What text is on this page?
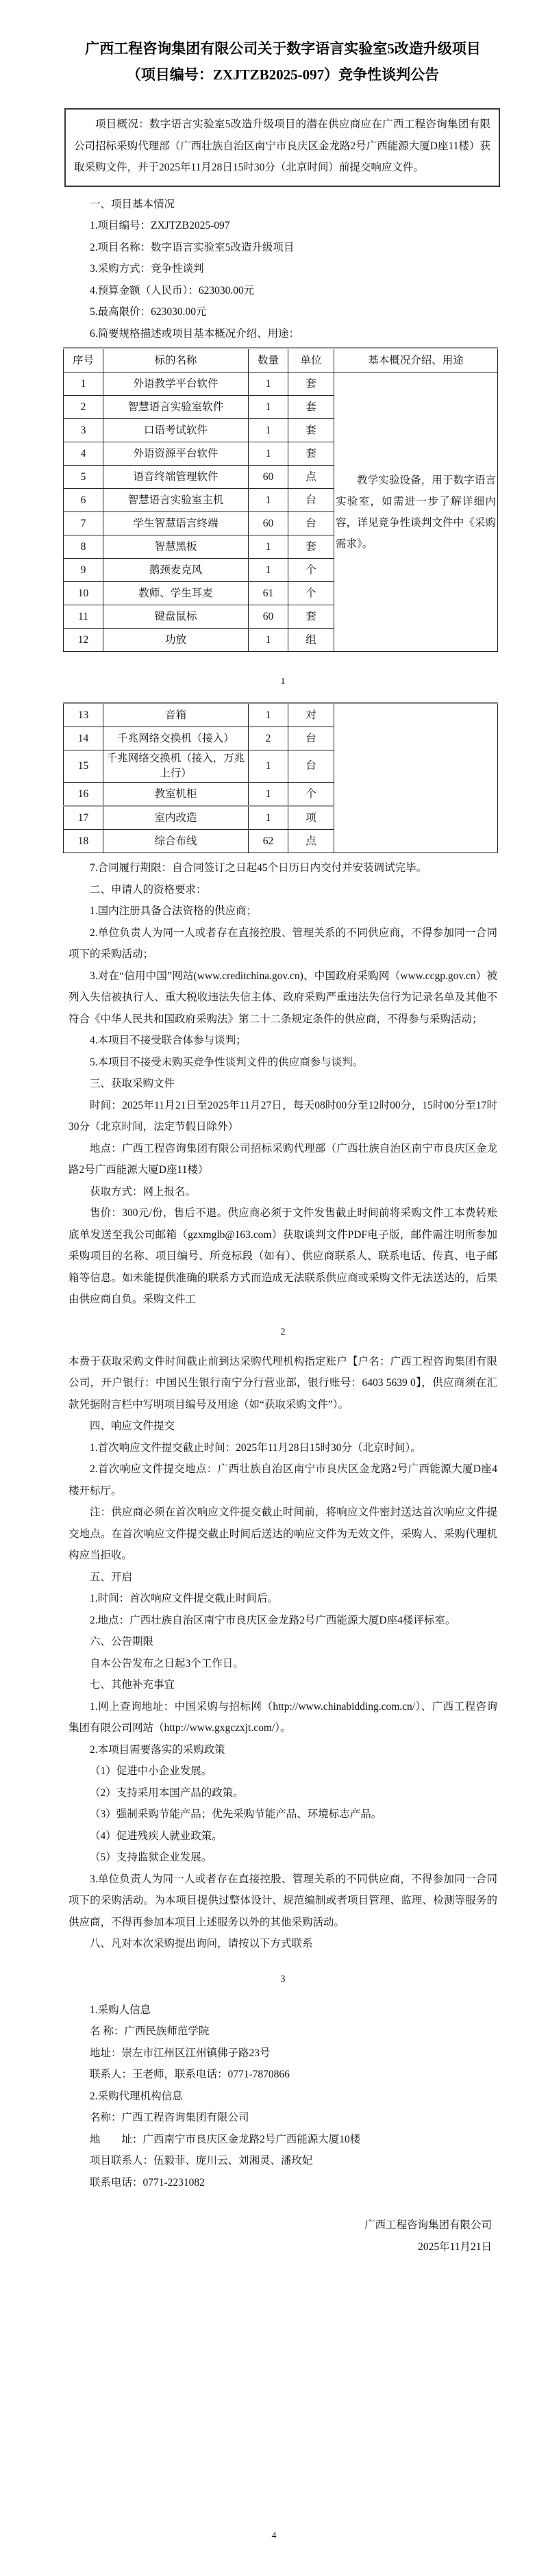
广西工程咨询集团有限公司关于数字语言实验室5改造升级项目
（项目编号：ZXJTZB2025-097）竞争性谈判公告

项目概况：数字语言实验室5改造升级项目的潜在供应商应在广西工程咨询集团有限公司招标采购代理部（广西壮族自治区南宁市良庆区金龙路2号广西能源大厦D座11楼）获取采购文件，并于2025年11月28日15时30分（北京时间）前提交响应文件。

一、项目基本情况

1.项目编号：ZXJTZB2025-097

2.项目名称：数字语言实验室5改造升级项目

3.采购方式：竞争性谈判

4.预算金额（人民币）：623030.00元

5.最高限价：623030.00元

6.简要规格描述或项目基本概况介绍、用途：

序号	标的名称	数量	单位	基本概况介绍、用途
1	外语教学平台软件	1	套	教学实验设备，用于数字语言实验室，如需进一步了解详细内容，详见竞争性谈判文件中《采购需求》。

2	智慧语言实验室软件	1	套	
3	口语考试软件	1	套	
4	外语资源平台软件	1	套	
5	语音终端管理软件	60	点	
6	智慧语言实验室主机	1	台	
7	学生智慧语言终端	60	台	
8	智慧黑板	1	套	
9	鹅颈麦克风	1	个	
10	教师、学生耳麦	61	个	
11	键盘鼠标	60	套	
12	功放	1	组	

1

13	音箱	1	对	
14	千兆网络交换机（接入）	2	台	
15	千兆网络交换机（接入，万兆上行）	1	台	
16	教室机柜	1	个	
17	室内改造	1	项	
18	综合布线	62	点	

7.合同履行期限：自合同签订之日起45个日历日内交付并安装调试完毕。

二、申请人的资格要求：

1.国内注册具备合法资格的供应商；

2.单位负责人为同一人或者存在直接控股、管理关系的不同供应商，不得参加同一合同项下的采购活动；

3.对在“信用中国”网站(www.creditchina.gov.cn)、中国政府采购网（www.ccgp.gov.cn）被列入失信被执行人、重大税收违法失信主体、政府采购严重违法失信行为记录名单及其他不符合《中华人民共和国政府采购法》第二十二条规定条件的供应商，不得参与采购活动；

4.本项目不接受联合体参与谈判；

5.本项目不接受未购买竞争性谈判文件的供应商参与谈判。

三、获取采购文件

时间：2025年11月21日至2025年11月27日，每天08时00分至12时00分，15时00分至17时30分（北京时间，法定节假日除外）

地点：广西工程咨询集团有限公司招标采购代理部（广西壮族自治区南宁市良庆区金龙路2号广西能源大厦D座11楼）

获取方式：网上报名。

售价：300元/份，售后不退。供应商必须于文件发售截止时间前将采购文件工本费转账底单发送至我公司邮箱（gzxmglb@163.com）获取谈判文件PDF电子版，邮件需注明所参加采购项目的名称、项目编号、所竞标段（如有）、供应商联系人、联系电话、传真、电子邮箱等信息。如未能提供准确的联系方式而造成无法联系供应商或采购文件无法送达的，后果由供应商自负。采购文件工

2

本费于获取采购文件时间截止前到达采购代理机构指定账户【户名：广西工程咨询集团有限公司，开户银行：中国民生银行南宁分行营业部，银行账号：6403 5639 0】，供应商须在汇款凭据附言栏中写明项目编号及用途（如“获取采购文件”）。

四、响应文件提交

1.首次响应文件提交截止时间：2025年11月28日15时30分（北京时间）。

2.首次响应文件提交地点：广西壮族自治区南宁市良庆区金龙路2号广西能源大厦D座4楼开标厅。

注：供应商必须在首次响应文件提交截止时间前，将响应文件密封送达首次响应文件提交地点。在首次响应文件提交截止时间后送达的响应文件为无效文件，采购人、采购代理机构应当拒收。

五、开启

1.时间：首次响应文件提交截止时间后。

2.地点：广西壮族自治区南宁市良庆区金龙路2号广西能源大厦D座4楼评标室。

六、公告期限

自本公告发布之日起3个工作日。

七、其他补充事宜

1.网上查询地址：中国采购与招标网（http://www.chinabidding.com.cn/）、广西工程咨询集团有限公司网站（http://www.gxgczxjt.com/）。

2.本项目需要落实的采购政策

（1）促进中小企业发展。

（2）支持采用本国产品的政策。

（3）强制采购节能产品；优先采购节能产品、环境标志产品。

（4）促进残疾人就业政策。

（5）支持监狱企业发展。

3.单位负责人为同一人或者存在直接控股、管理关系的不同供应商，不得参加同一合同项下的采购活动。为本项目提供过整体设计、规范编制或者项目管理、监理、检测等服务的供应商，不得再参加本项目上述服务以外的其他采购活动。

八、凡对本次采购提出询问，请按以下方式联系

3

1.采购人信息

名 称：广西民族师范学院

地址：崇左市江州区江州镇佛子路23号

联系人：王老师，联系电话：0771-7870866

2.采购代理机构信息

名称：广西工程咨询集团有限公司

地　　址：广西南宁市良庆区金龙路2号广西能源大厦10楼

项目联系人：伍毅菲、庞川云、刘湘灵、潘玫妃

联系电话：0771-2231082

广西工程咨询集团有限公司

2025年11月21日

4
